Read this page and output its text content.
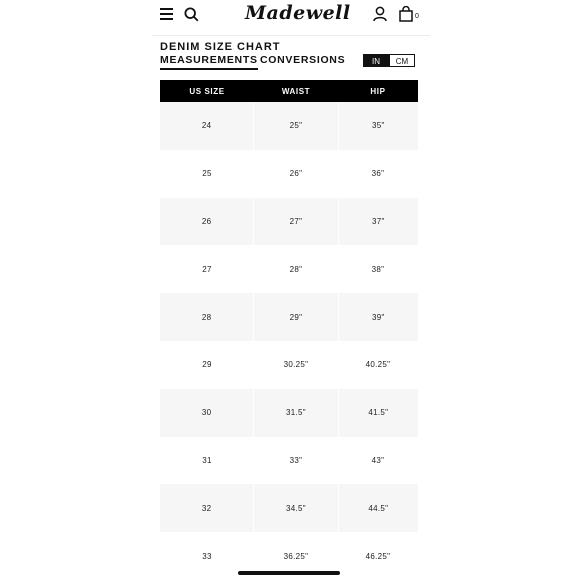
Madewell	0
DENIM SIZE CHART
MEASUREMENTS CONVERSIONS	IN	CM
US SIZE	WAIST	HIP
24	25"	35"
25	26"	36"
26	27"	37"
27	28"	38"
28	29"	39"
29	30.25"	40.25"
30	31.5"	41.5"
31	33"	43"
32	34.5"	44.5"
33	36.25"	46.25"
